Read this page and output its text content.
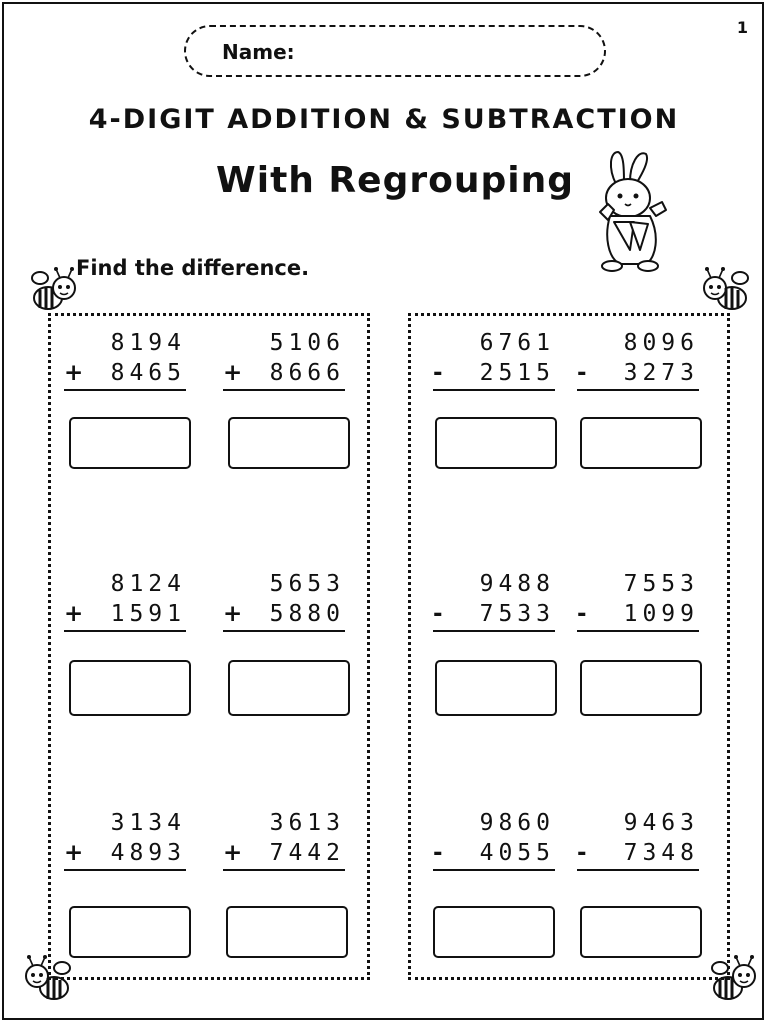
1
Name:
4-DIGIT ADDITION & SUBTRACTION
With Regrouping
Find the difference.
8194
+	8465
5106
+	8666
8124
+	1591
5653
+	5880
3134
+	4893
3613
+	7442
6761
-	2515
8096
-	3273
9488
-	7533
7553
-	1099
9860
-	4055
9463
-	7348
